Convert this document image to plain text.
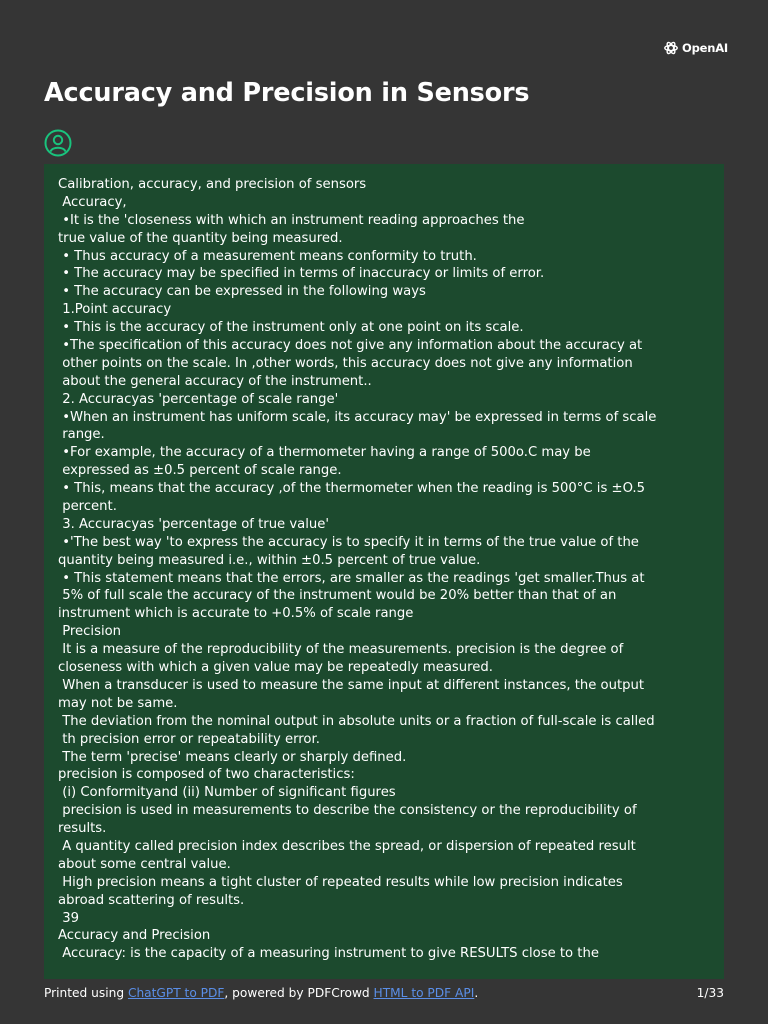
OpenAI
Accuracy and Precision in Sensors
Calibration, accuracy, and precision of sensors
Accuracy,
•It is the 'closeness with which an instrument reading approaches the
true value of the quantity being measured.
• Thus accuracy of a measurement means conformity to truth.
• The accuracy may be specified in terms of inaccuracy or limits of error.
• The accuracy can be expressed in the following ways
1.Point accuracy
• This is the accuracy of the instrument only at one point on its scale.
•The specification of this accuracy does not give any information about the accuracy at
other points on the scale. In ,other words, this accuracy does not give any information
about the general accuracy of the instrument..
2. Accuracyas 'percentage of scale range'
•When an instrument has uniform scale, its accuracy may' be expressed in terms of scale
range.
•For example, the accuracy of a thermometer having a range of 500o.C may be
expressed as ±0.5 percent of scale range.
• This, means that the accuracy ,of the thermometer when the reading is 500°C is ±O.5
percent.
3. Accuracyas 'percentage of true value'
•'The best way 'to express the accuracy is to specify it in terms of the true value of the
quantity being measured i.e., within ±0.5 percent of true value.
• This statement means that the errors, are smaller as the readings 'get smaller.Thus at
5% of full scale the accuracy of the instrument would be 20% better than that of an
instrument which is accurate to +0.5% of scale range
Precision
It is a measure of the reproducibility of the measurements. precision is the degree of
closeness with which a given value may be repeatedly measured.
When a transducer is used to measure the same input at different instances, the output
may not be same.
The deviation from the nominal output in absolute units or a fraction of full-scale is called
th precision error or repeatability error.
The term 'precise' means clearly or sharply defined.
precision is composed of two characteristics:
(i) Conformityand (ii) Number of significant figures
precision is used in measurements to describe the consistency or the reproducibility of
results.
A quantity called precision index describes the spread, or dispersion of repeated result
about some central value.
High precision means a tight cluster of repeated results while low precision indicates
abroad scattering of results.
39
Accuracy and Precision
Accuracy: is the capacity of a measuring instrument to give RESULTS close to the
Printed using ChatGPT to PDF, powered by PDFCrowd HTML to PDF API.	1/33
